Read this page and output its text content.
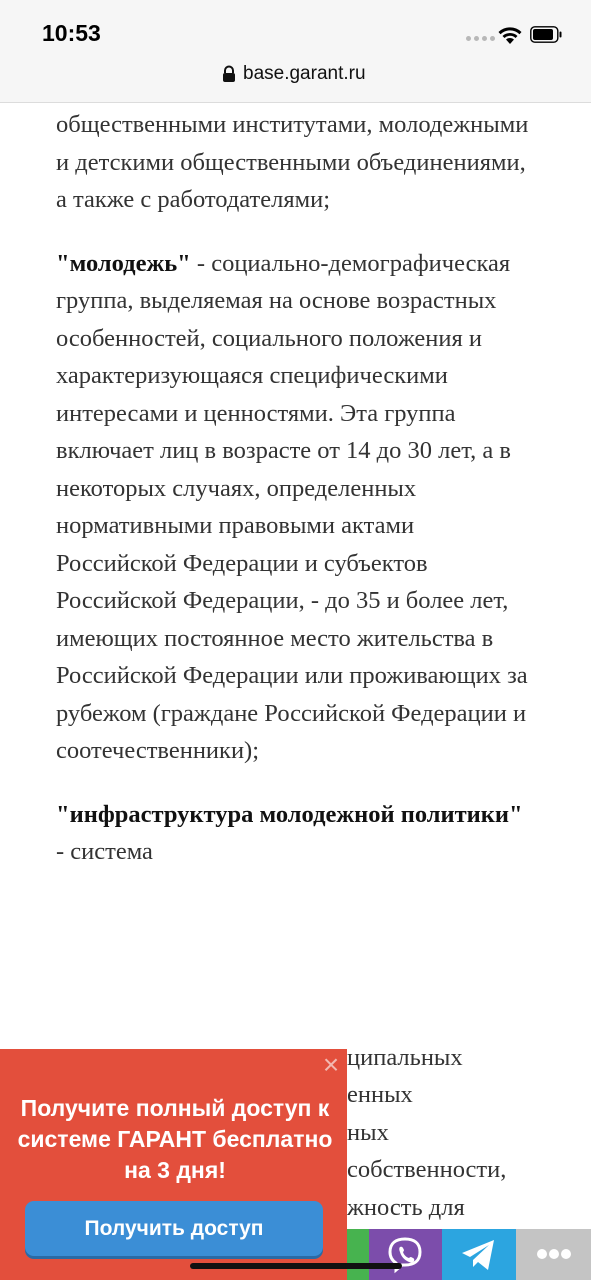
10:53
base.garant.ru

общественными институтами, молодежными и детскими общественными объединениями, а также с работодателями;

"молодежь" - социально-демографическая группа, выделяемая на основе возрастных особенностей, социального положения и характеризующаяся специфическими интересами и ценностями. Эта группа включает лиц в возрасте от 14 до 30 лет, а в некоторых случаях, определенных нормативными правовыми актами Российской Федерации и субъектов Российской Федерации, - до 35 и более лет, имеющих постоянное место жительства в Российской Федерации или проживающих за рубежом (граждане Российской Федерации и соотечественники);

"инфраструктура молодежной политики" - система

ципальных
енных
ных
собственности,
жность для
×
Получите полный доступ к системе ГАРАНТ бесплатно на 3 дня!
Получить доступ
